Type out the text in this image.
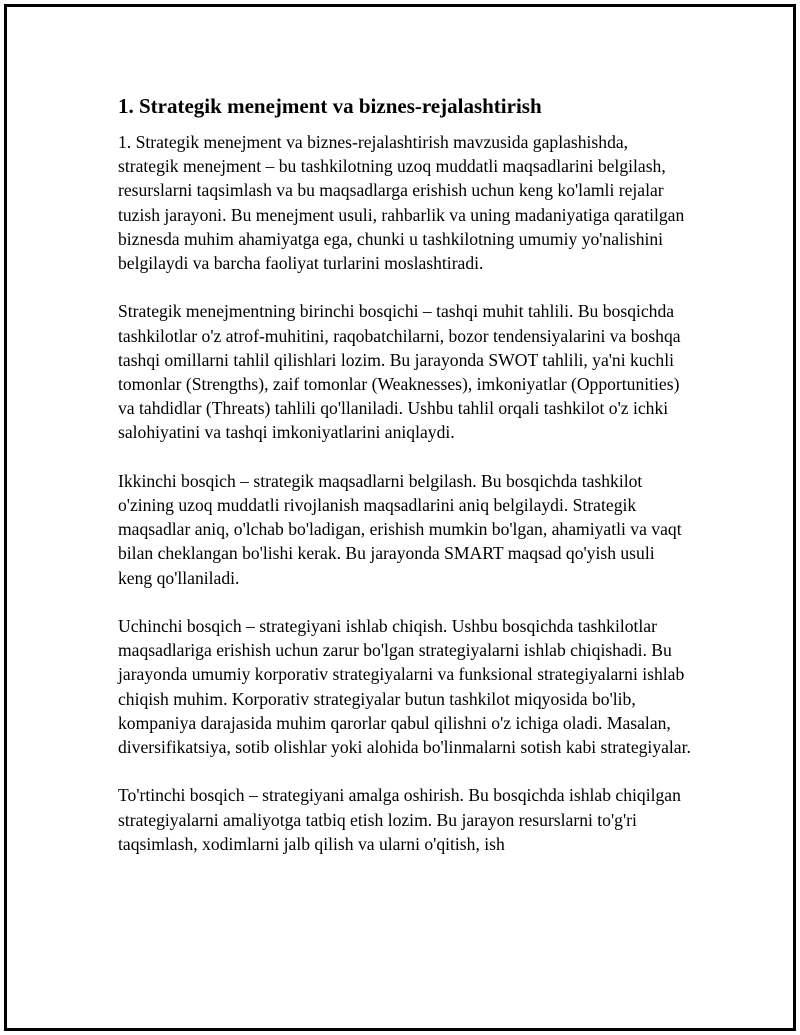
1. Strategik menejment va biznes-rejalashtirish

1. Strategik menejment va biznes-rejalashtirish mavzusida gaplashishda, strategik menejment – bu tashkilotning uzoq muddatli maqsadlarini belgilash, resurslarni taqsimlash va bu maqsadlarga erishish uchun keng ko'lamli rejalar tuzish jarayoni. Bu menejment usuli, rahbarlik va uning madaniyatiga qaratilgan biznesda muhim ahamiyatga ega, chunki u tashkilotning umumiy yo'nalishini belgilaydi va barcha faoliyat turlarini moslashtiradi.

Strategik menejmentning birinchi bosqichi – tashqi muhit tahlili. Bu bosqichda tashkilotlar o'z atrof-muhitini, raqobatchilarni, bozor tendensiyalarini va boshqa tashqi omillarni tahlil qilishlari lozim. Bu jarayonda SWOT tahlili, ya'ni kuchli tomonlar (Strengths), zaif tomonlar (Weaknesses), imkoniyatlar (Opportunities) va tahdidlar (Threats) tahlili qo'llaniladi. Ushbu tahlil orqali tashkilot o'z ichki salohiyatini va tashqi imkoniyatlarini aniqlaydi.

Ikkinchi bosqich – strategik maqsadlarni belgilash. Bu bosqichda tashkilot o'zining uzoq muddatli rivojlanish maqsadlarini aniq belgilaydi. Strategik maqsadlar aniq, o'lchab bo'ladigan, erishish mumkin bo'lgan, ahamiyatli va vaqt bilan cheklangan bo'lishi kerak. Bu jarayonda SMART maqsad qo'yish usuli keng qo'llaniladi.

Uchinchi bosqich – strategiyani ishlab chiqish. Ushbu bosqichda tashkilotlar maqsadlariga erishish uchun zarur bo'lgan strategiyalarni ishlab chiqishadi. Bu jarayonda umumiy korporativ strategiyalarni va funksional strategiyalarni ishlab chiqish muhim. Korporativ strategiyalar butun tashkilot miqyosida bo'lib, kompaniya darajasida muhim qarorlar qabul qilishni o'z ichiga oladi. Masalan, diversifikatsiya, sotib olishlar yoki alohida bo'linmalarni sotish kabi strategiyalar.

To'rtinchi bosqich – strategiyani amalga oshirish. Bu bosqichda ishlab chiqilgan strategiyalarni amaliyotga tatbiq etish lozim. Bu jarayon resurslarni to'g'ri taqsimlash, xodimlarni jalb qilish va ularni o'qitish, ish
